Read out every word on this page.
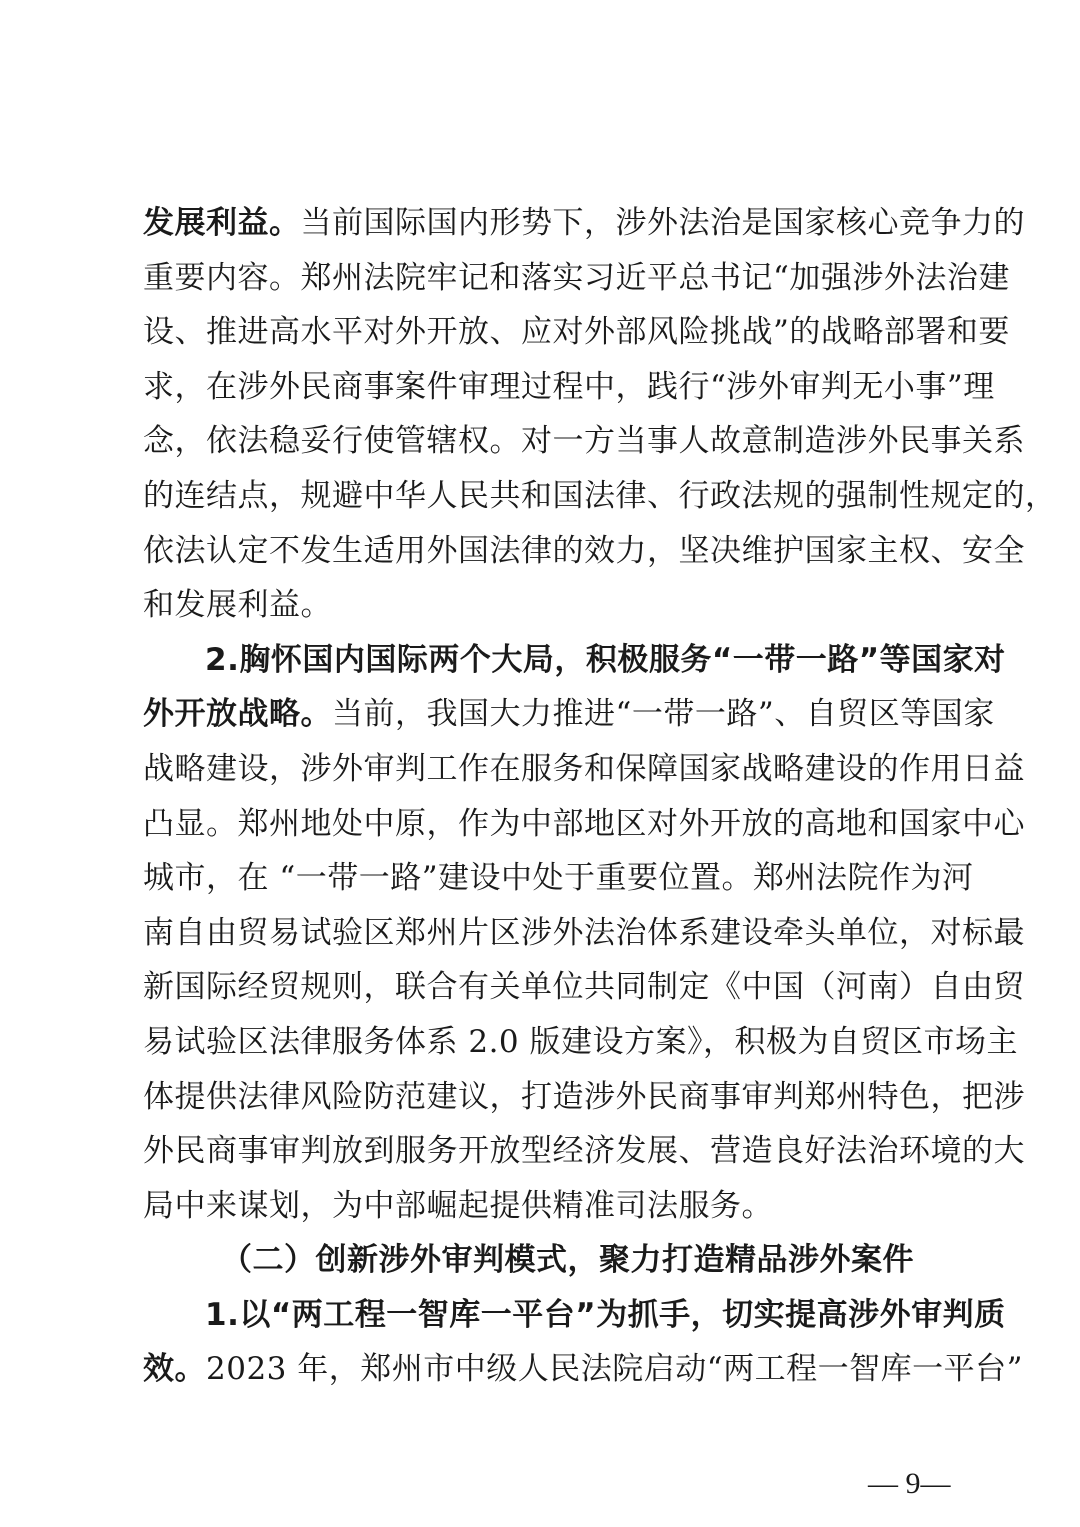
发展利益。当前国际国内形势下，涉外法治是国家核心竞争力的
重要内容。郑州法院牢记和落实习近平总书记“加强涉外法治建
设、推进高水平对外开放、应对外部风险挑战”的战略部署和要
求，在涉外民商事案件审理过程中，践行“涉外审判无小事”理
念，依法稳妥行使管辖权。对一方当事人故意制造涉外民事关系
的连结点，规避中华人民共和国法律、行政法规的强制性规定的，
依法认定不发生适用外国法律的效力，坚决维护国家主权、安全
和发展利益。
2.胸怀国内国际两个大局，积极服务“一带一路”等国家对
外开放战略。当前，我国大力推进“一带一路”、自贸区等国家
战略建设，涉外审判工作在服务和保障国家战略建设的作用日益
凸显。郑州地处中原，作为中部地区对外开放的高地和国家中心
城市，在 “一带一路”建设中处于重要位置。郑州法院作为河
南自由贸易试验区郑州片区涉外法治体系建设牵头单位，对标最
新国际经贸规则，联合有关单位共同制定《中国（河南）自由贸
易试验区法律服务体系 2.0 版建设方案》，积极为自贸区市场主
体提供法律风险防范建议，打造涉外民商事审判郑州特色，把涉
外民商事审判放到服务开放型经济发展、营造良好法治环境的大
局中来谋划，为中部崛起提供精准司法服务。
（二）创新涉外审判模式，聚力打造精品涉外案件
1.以“两工程一智库一平台”为抓手，切实提高涉外审判质
效。2023 年，郑州市中级人民法院启动“两工程一智库一平台”
— 9—
